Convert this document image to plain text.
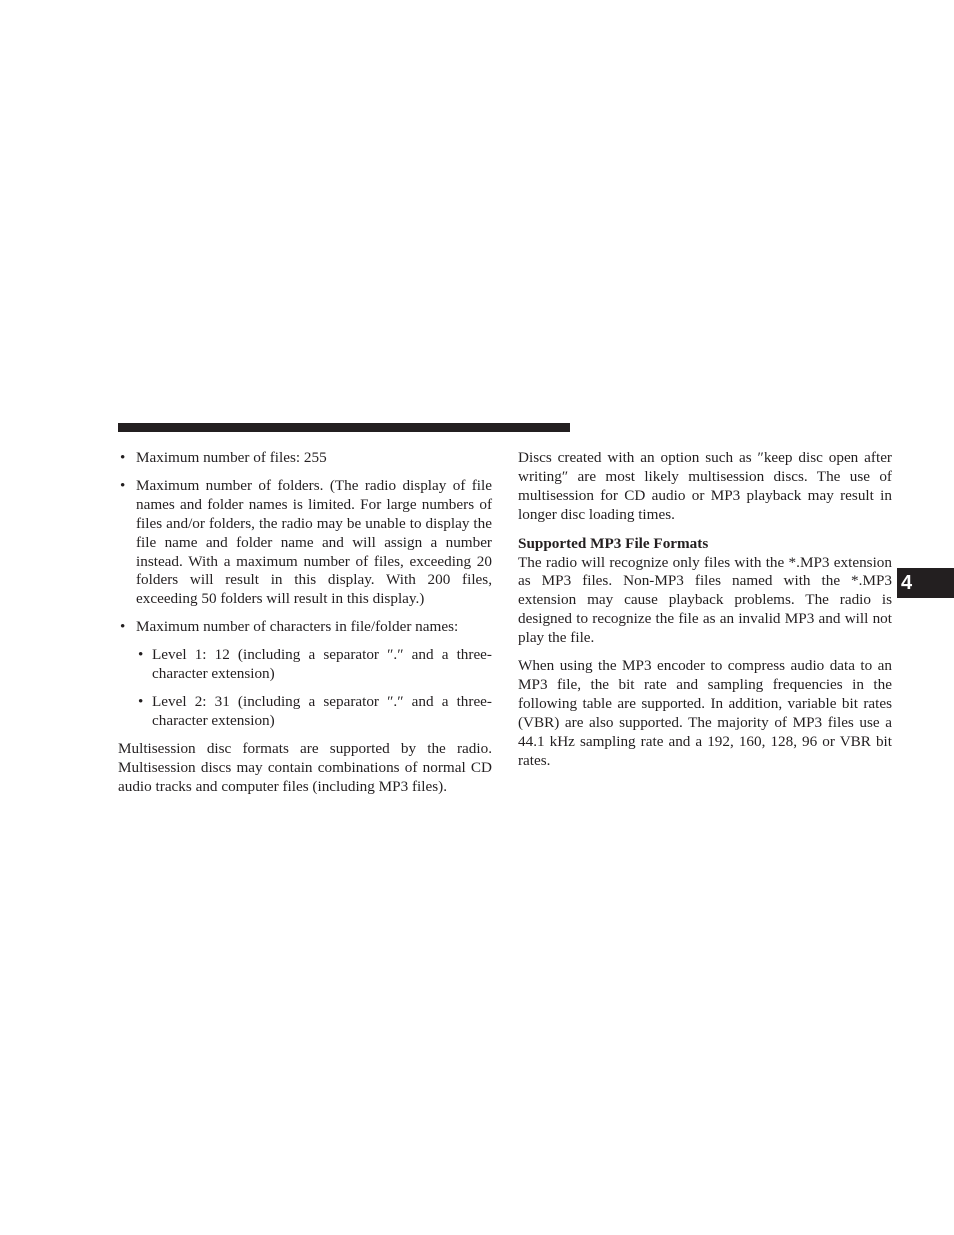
• Maximum number of files: 255
• Maximum number of folders. (The radio display of file names and folder names is limited. For large numbers of files and/or folders, the radio may be unable to display the file name and folder name and will assign a number instead. With a maximum number of files, exceeding 20 folders will result in this display. With 200 files, exceeding 50 folders will result in this display.)
• Maximum number of characters in file/folder names:
• Level 1: 12 (including a separator ″.″ and a three-character extension)
• Level 2: 31 (including a separator ″.″ and a three-character extension)

Multisession disc formats are supported by the radio. Multisession discs may contain combinations of normal CD audio tracks and computer files (including MP3 files).

Discs created with an option such as ″keep disc open after writing″ are most likely multisession discs. The use of multisession for CD audio or MP3 playback may result in longer disc loading times.

Supported MP3 File Formats

The radio will recognize only files with the *.MP3 extension as MP3 files. Non-MP3 files named with the *.MP3 extension may cause playback problems. The radio is designed to recognize the file as an invalid MP3 and will not play the file.

When using the MP3 encoder to compress audio data to an MP3 file, the bit rate and sampling frequencies in the following table are supported. In addition, variable bit rates (VBR) are also supported. The majority of MP3 files use a 44.1 kHz sampling rate and a 192, 160, 128, 96 or VBR bit rates.

4
